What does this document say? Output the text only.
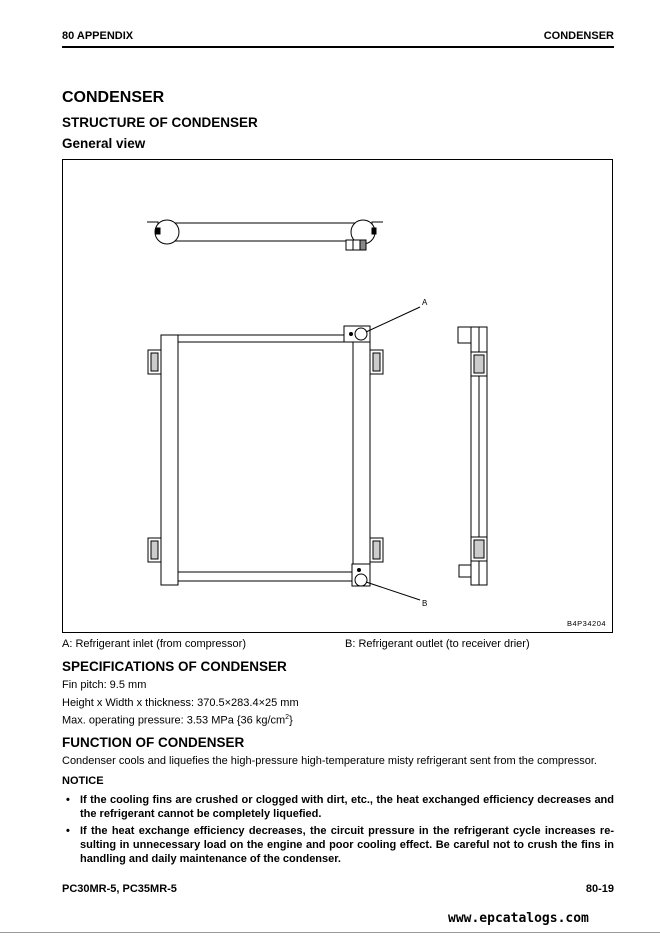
80 APPENDIX	CONDENSER
CONDENSER
STRUCTURE OF CONDENSER
General view
A
B
B4P34204
A: Refrigerant inlet (from compressor)	B: Refrigerant outlet (to receiver drier)
SPECIFICATIONS OF CONDENSER
Fin pitch: 9.5 mm
Height x Width x thickness: 370.5×283.4×25 mm
Max. operating pressure: 3.53 MPa {36 $kg/cm^2$}
FUNCTION OF CONDENSER
Condenser cools and liquefies the high-pressure high-temperature misty refrigerant sent from the compressor.
NOTICE
• If the cooling fins are crushed or clogged with dirt, etc., the heat exchanged efficiency decreases and the refrigerant cannot be completely liquefied.
• If the heat exchange efficiency decreases, the circuit pressure in the refrigerant cycle increases re-sulting in unnecessary load on the engine and poor cooling effect. Be careful not to crush the fins in handling and daily maintenance of the condenser.
PC30MR-5, PC35MR-5	80-19
www.epcatalogs.com
